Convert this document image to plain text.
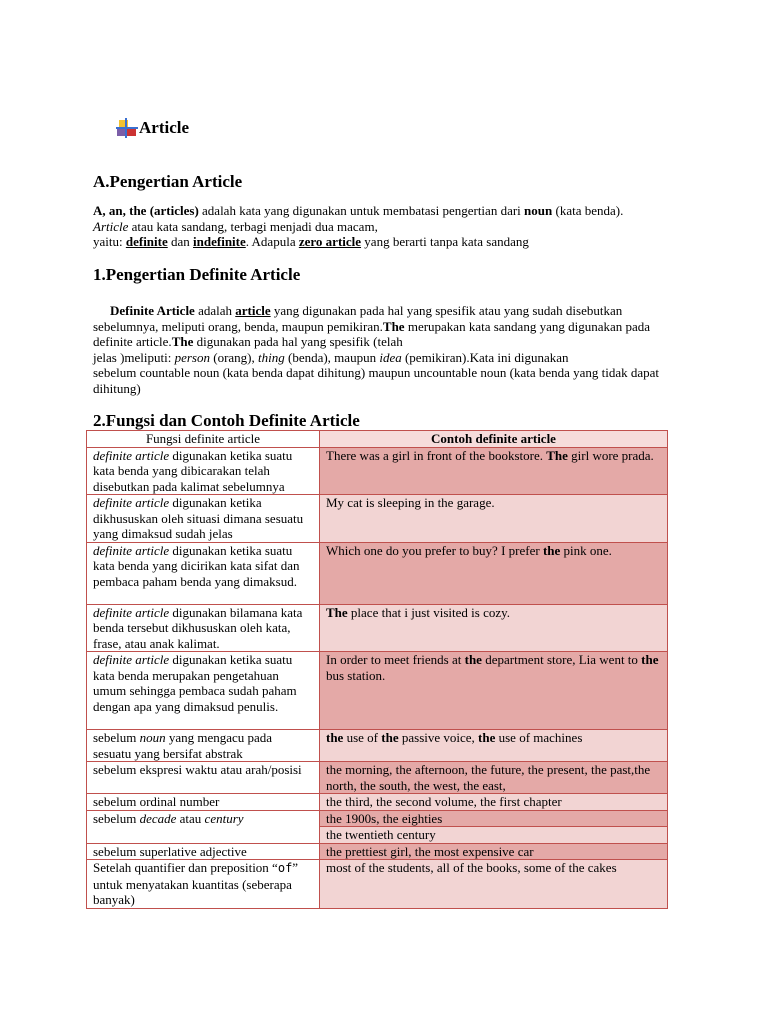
Article
A.Pengertian Article
A, an, the (articles) adalah kata yang digunakan untuk membatasi pengertian dari noun (kata benda). Article atau kata sandang, terbagi menjadi dua macam,
yaitu: definite dan indefinite. Adapula zero article yang berarti tanpa kata sandang
1.Pengertian Definite Article
Definite Article adalah article yang digunakan pada hal yang spesifik atau yang sudah disebutkan sebelumnya, meliputi orang, benda, maupun pemikiran.The merupakan kata sandang yang digunakan pada definite article.The digunakan pada hal yang spesifik (telah
jelas )meliputi: person (orang), thing (benda), maupun idea (pemikiran).Kata ini digunakan
sebelum countable noun (kata benda dapat dihitung) maupun uncountable noun (kata benda yang tidak dapat dihitung)
2.Fungsi dan Contoh Definite Article
Fungsi definite article	Contoh definite article
definite article digunakan ketika suatu kata benda yang dibicarakan telah disebutkan pada kalimat sebelumnya	There was a girl in front of the bookstore. The girl wore prada.
definite article digunakan ketika dikhususkan oleh situasi dimana sesuatu yang dimaksud sudah jelas	My cat is sleeping in the garage.
definite article digunakan ketika suatu kata benda yang dicirikan kata sifat dan pembaca paham benda yang dimaksud.	Which one do you prefer to buy? I prefer the pink one.
definite article digunakan bilamana kata benda tersebut dikhususkan oleh kata, frase, atau anak kalimat.	The place that i just visited is cozy.
definite article digunakan ketika suatu kata benda merupakan pengetahuan umum sehingga pembaca sudah paham dengan apa yang dimaksud penulis.	In order to meet friends at the department store, Lia went to the bus station.
sebelum noun yang mengacu pada sesuatu yang bersifat abstrak	the use of the passive voice, the use of machines
sebelum ekspresi waktu atau arah/posisi	the morning, the afternoon, the future, the present, the past,the north, the south, the west, the east,
sebelum ordinal number	the third, the second volume, the first chapter
sebelum decade atau century	the 1900s, the eighties
	the twentieth century
sebelum superlative adjective	the prettiest girl, the most expensive car
Setelah quantifier dan preposition “of” untuk menyatakan kuantitas (seberapa banyak)	most of the students, all of the books, some of the cakes
